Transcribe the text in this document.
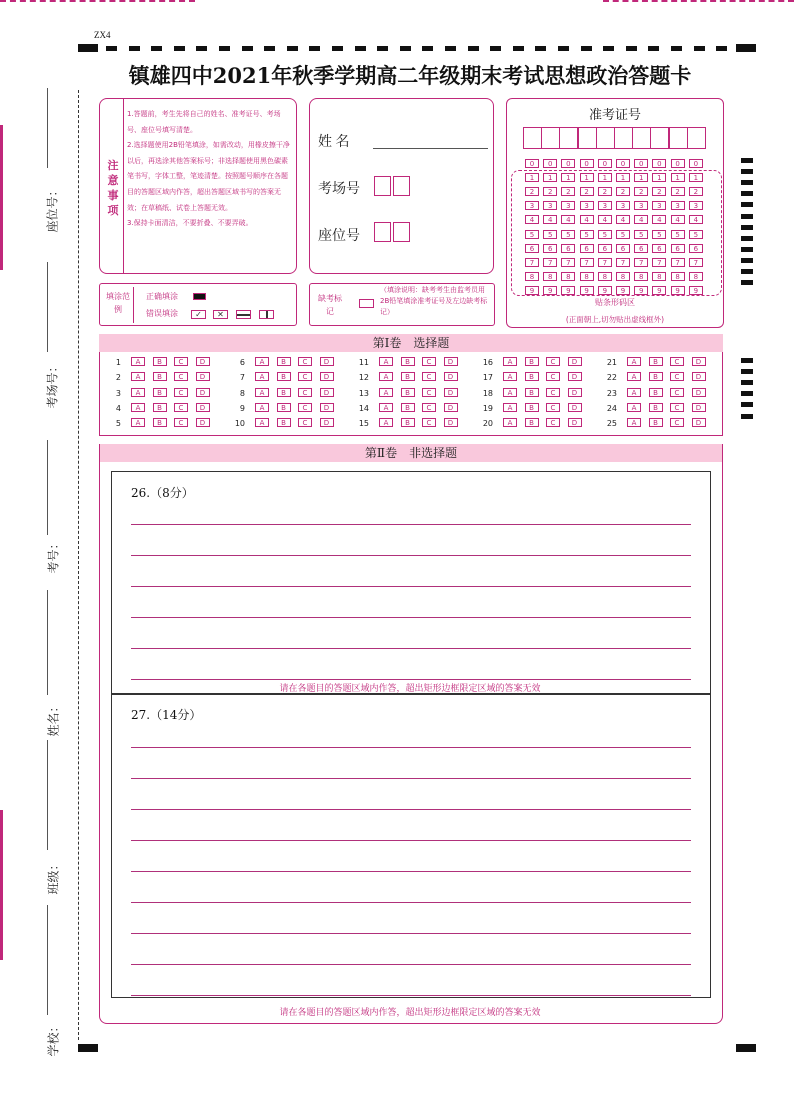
ZX4
镇雄四中2021年秋季学期高二年级期末考试思想政治答题卡
座位号：
考场号：
考号：
姓名：
班级：
学校：
注意事项
1.答题前，考生先将自己的姓名、准考证号、考场号、座位号填写清楚。
2.选择题使用2B铅笔填涂，如需改动，用橡皮擦干净以后，再选涂其他答案标号；非选择题使用黑色碳素笔书写，字体工整，笔迹清楚。按照题号顺序在各题目的答题区域内作答，超出答题区域书写的答案无效；在草稿纸、试卷上答题无效。
3.保持卡面清洁，不要折叠、不要弄破。
姓 名
考场号
座位号
准考证号
0	0	0	0	0	0	0	0	0	0
1	1	1	1	1	1	1	1	1	1
2	2	2	2	2	2	2	2	2	2
3	3	3	3	3	3	3	3	3	3
4	4	4	4	4	4	4	4	4	4
5	5	5	5	5	5	5	5	5	5
6	6	6	6	6	6	6	6	6	6
7	7	7	7	7	7	7	7	7	7
8	8	8	8	8	8	8	8	8	8
9	9	9	9	9	9	9	9	9	9
贴条形码区
(正面朝上,切勿贴出虚线框外)
填涂范例
正确填涂
错误填涂	✓	✕
缺考标记
（填涂说明：缺考考生由监考员用2B铅笔填涂准考证号及左边缺考标记）
第Ⅰ卷　选择题
1	A	B	C	D
2	A	B	C	D
3	A	B	C	D
4	A	B	C	D
5	A	B	C	D
6	A	B	C	D
7	A	B	C	D
8	A	B	C	D
9	A	B	C	D
10	A	B	C	D
11	A	B	C	D
12	A	B	C	D
13	A	B	C	D
14	A	B	C	D
15	A	B	C	D
16	A	B	C	D
17	A	B	C	D
18	A	B	C	D
19	A	B	C	D
20	A	B	C	D
21	A	B	C	D
22	A	B	C	D
23	A	B	C	D
24	A	B	C	D
25	A	B	C	D
第Ⅱ卷　非选择题
26.（8分）
请在各题目的答题区域内作答，超出矩形边框限定区域的答案无效
27.（14分）
请在各题目的答题区域内作答，超出矩形边框限定区域的答案无效
